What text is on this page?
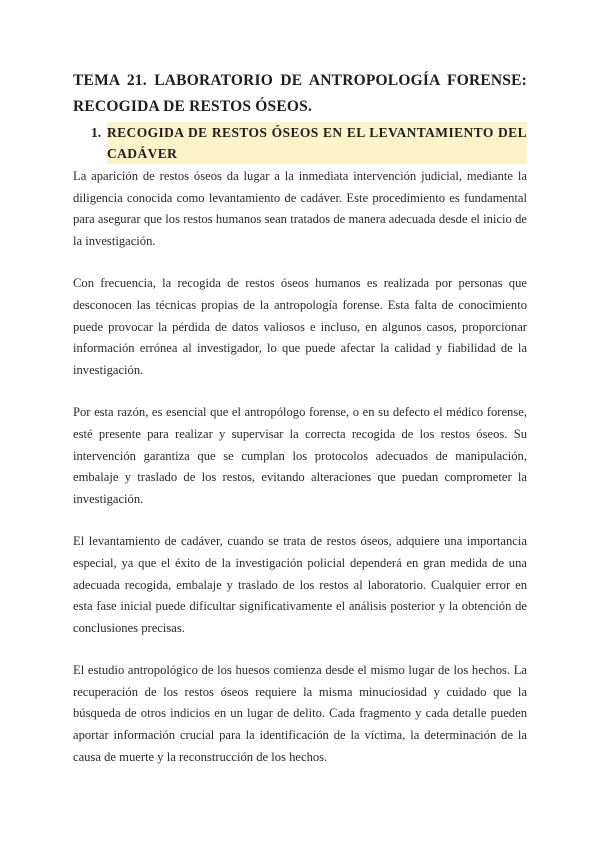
TEMA 21. LABORATORIO DE ANTROPOLOGÍA FORENSE:
RECOGIDA DE RESTOS ÓSEOS.
1. RECOGIDA DE RESTOS ÓSEOS EN EL LEVANTAMIENTO DEL
CADÁVER

La aparición de restos óseos da lugar a la inmediata intervención judicial, mediante la diligencia conocida como levantamiento de cadáver. Este procedimiento es fundamental para asegurar que los restos humanos sean tratados de manera adecuada desde el inicio de la investigación.

Con frecuencia, la recogida de restos óseos humanos es realizada por personas que desconocen las técnicas propias de la antropología forense. Esta falta de conocimiento puede provocar la pérdida de datos valiosos e incluso, en algunos casos, proporcionar información errónea al investigador, lo que puede afectar la calidad y fiabilidad de la investigación.

Por esta razón, es esencial que el antropólogo forense, o en su defecto el médico forense, esté presente para realizar y supervisar la correcta recogida de los restos óseos. Su intervención garantiza que se cumplan los protocolos adecuados de manipulación, embalaje y traslado de los restos, evitando alteraciones que puedan comprometer la investigación.

El levantamiento de cadáver, cuando se trata de restos óseos, adquiere una importancia especial, ya que el éxito de la investigación policial dependerá en gran medida de una adecuada recogida, embalaje y traslado de los restos al laboratorio. Cualquier error en esta fase inicial puede dificultar significativamente el análisis posterior y la obtención de conclusiones precisas.

El estudio antropológico de los huesos comienza desde el mismo lugar de los hechos. La recuperación de los restos óseos requiere la misma minuciosidad y cuidado que la búsqueda de otros indicios en un lugar de delito. Cada fragmento y cada detalle pueden aportar información crucial para la identificación de la víctima, la determinación de la causa de muerte y la reconstrucción de los hechos.
